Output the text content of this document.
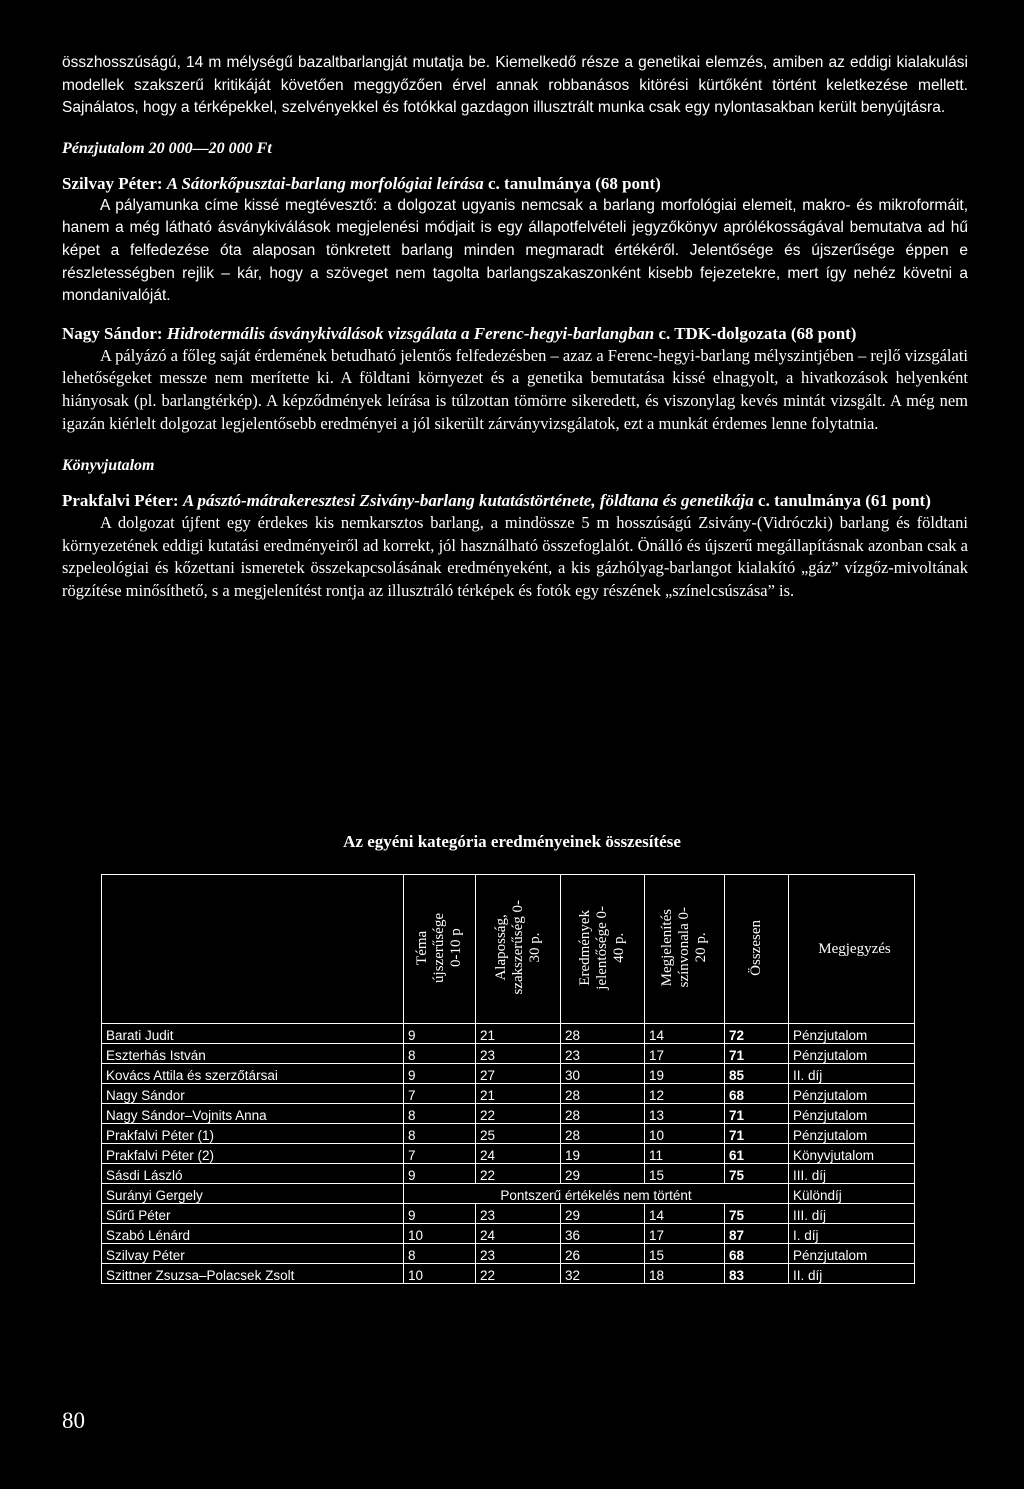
összhosszúságú, 14 m mélységű bazaltbarlangját mutatja be. Kiemelkedő része a genetikai elemzés, amiben az eddigi kialakulási modellek szakszerű kritikáját követően meggyőzően érvel annak robbanásos kitörési kürtőként történt keletkezése mellett. Sajnálatos, hogy a térképekkel, szelvényekkel és fotókkal gazdagon illusztrált munka csak egy nylontasakban került benyújtásra.

Pénzjutalom 20 000—20 000 Ft

Szilvay Péter: A Sátorkőpusztai-barlang morfológiai leírása c. tanulmánya (68 pont)

A pályamunka címe kissé megtévesztő: a dolgozat ugyanis nemcsak a barlang morfológiai elemeit, makro- és mikroformáit, hanem a még látható ásványkiválások megjelenési módjait is egy állapotfelvételi jegyzőkönyv aprólékosságával bemutatva ad hű képet a felfedezése óta alaposan tönkretett barlang minden megmaradt értékéről. Jelentősége és újszerűsége éppen e részletességben rejlik – kár, hogy a szöveget nem tagolta barlangszakaszonként kisebb fejezetekre, mert így nehéz követni a mondanivalóját.

Nagy Sándor: Hidrotermális ásványkiválások vizsgálata a Ferenc-hegyi-barlangban c. TDK-dolgozata (68 pont)

A pályázó a főleg saját érdemének betudható jelentős felfedezésben – azaz a Ferenc-hegyi-barlang mélyszintjében – rejlő vizsgálati lehetőségeket messze nem merítette ki. A földtani környezet és a genetika bemutatása kissé elnagyolt, a hivatkozások helyenként hiányosak (pl. barlangtérkép). A képződmények leírása is túlzottan tömörre sikeredett, és viszonylag kevés mintát vizsgált. A még nem igazán kiérlelt dolgozat legjelentősebb eredményei a jól sikerült zárványvizsgálatok, ezt a munkát érdemes lenne folytatnia.

Könyvjutalom

Prakfalvi Péter: A pásztó-mátrakeresztesi Zsivány-barlang kutatástörténete, földtana és genetikája c. tanulmánya (61 pont)

A dolgozat újfent egy érdekes kis nemkarsztos barlang, a mindössze 5 m hosszúságú Zsivány-(Vidróczki) barlang és földtani környezetének eddigi kutatási eredményeiről ad korrekt, jól használható összefoglalót. Önálló és újszerű megállapításnak azonban csak a szpeleológiai és kőzettani ismeretek összekapcsolásának eredményeként, a kis gázhólyag-barlangot kialakító „gáz” vízgőz-mivoltának rögzítése minősíthető, s a megjelenítést rontja az illusztráló térképek és fotók egy részének „színelcsúszása” is.

Az egyéni kategória eredményeinek összesítése
	Téma
újszerűsége
0-10 p	Alaposság,
szakszerűség 0-
30 p.	Eredmények
jelentősége 0-
40 p.	Megjelenítés
színvonala 0-
20 p.	Összesen	Megjegyzés
Barati Judit	9	21	28	14	72	Pénzjutalom
Eszterhás István	8	23	23	17	71	Pénzjutalom
Kovács Attila és szerzőtársai	9	27	30	19	85	II. díj
Nagy Sándor	7	21	28	12	68	Pénzjutalom
Nagy Sándor–Vojnits Anna	8	22	28	13	71	Pénzjutalom
Prakfalvi Péter (1)	8	25	28	10	71	Pénzjutalom
Prakfalvi Péter (2)	7	24	19	11	61	Könyvjutalom
Sásdi László	9	22	29	15	75	III. díj
Surányi Gergely	Pontszerű értékelés nem történt					Különdíj
Sűrű Péter	9	23	29	14	75	III. díj
Szabó Lénárd	10	24	36	17	87	I. díj
Szilvay Péter	8	23	26	15	68	Pénzjutalom
Szittner Zsuzsa–Polacsek Zsolt	10	22	32	18	83	II. díj
80
